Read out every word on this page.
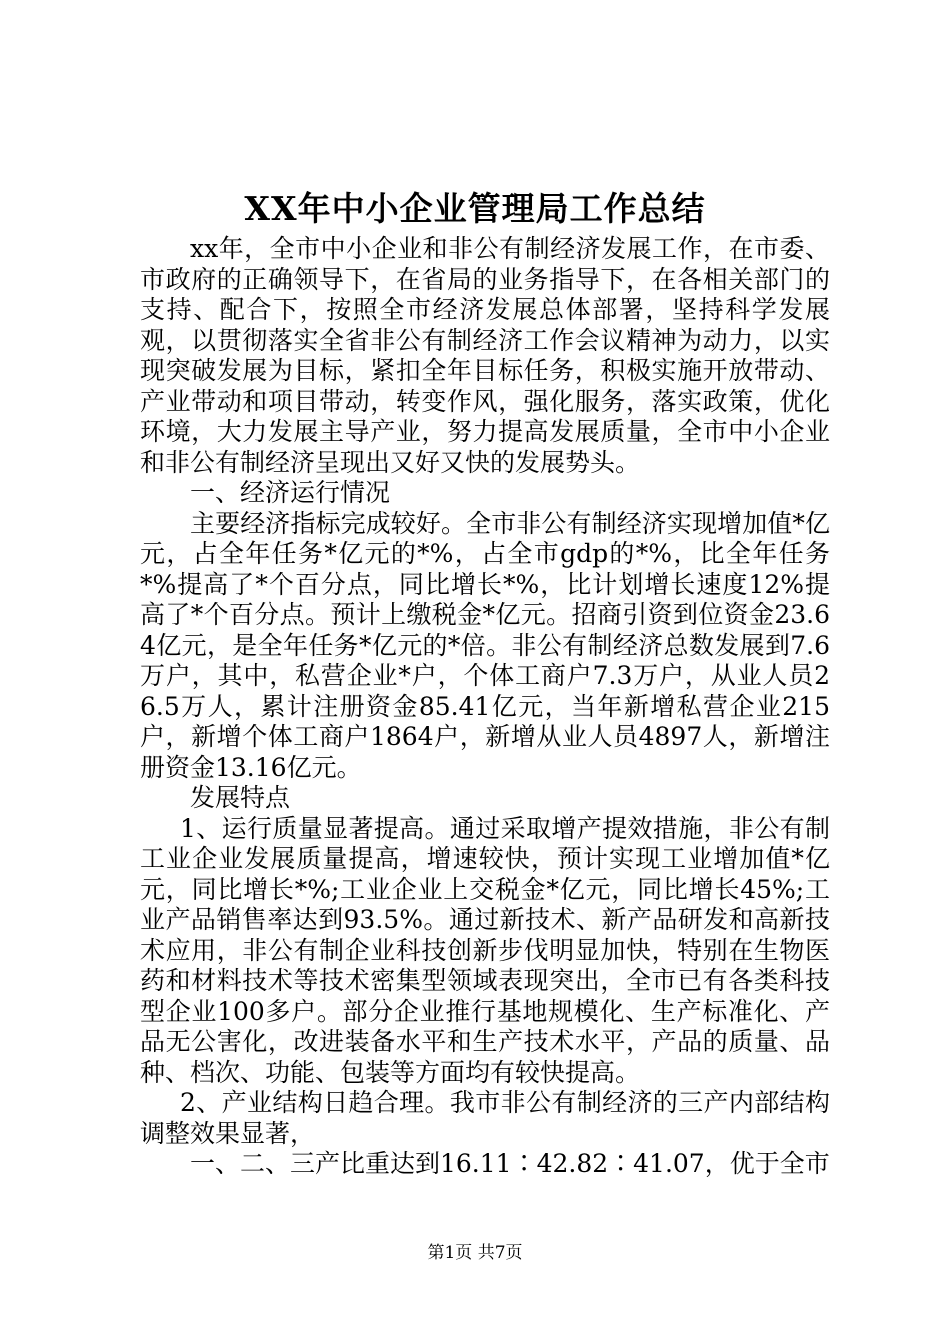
XX年中小企业管理局工作总结

xx年，全市中小企业和非公有制经济发展工作，在市委、市政府的正确领导下，在省局的业务指导下，在各相关部门的支持、配合下，按照全市经济发展总体部署，坚持科学发展观，以贯彻落实全省非公有制经济工作会议精神为动力，以实现突破发展为目标，紧扣全年目标任务，积极实施开放带动、产业带动和项目带动，转变作风，强化服务，落实政策，优化环境，大力发展主导产业，努力提高发展质量，全市中小企业和非公有制经济呈现出又好又快的发展势头。

一、经济运行情况

主要经济指标完成较好。全市非公有制经济实现增加值*亿元，占全年任务*亿元的*%，占全市gdp的*%，比全年任务*%提高了*个百分点，同比增长*%，比计划增长速度12%提高了*个百分点。预计上缴税金*亿元。招商引资到位资金23.64亿元，是全年任务*亿元的*倍。非公有制经济总数发展到7.6万户，其中，私营企业*户，个体工商户7.3万户，从业人员26.5万人，累计注册资金85.41亿元，当年新增私营企业215户，新增个体工商户1864户，新增从业人员4897人，新增注册资金13.16亿元。

发展特点

1、运行质量显著提高。通过采取增产提效措施，非公有制工业企业发展质量提高，增速较快，预计实现工业增加值*亿元，同比增长*%;工业企业上交税金*亿元，同比增长45%;工业产品销售率达到93.5%。通过新技术、新产品研发和高新技术应用，非公有制企业科技创新步伐明显加快，特别在生物医药和材料技术等技术密集型领域表现突出，全市已有各类科技型企业100多户。部分企业推行基地规模化、生产标准化、产品无公害化，改进装备水平和生产技术水平，产品的质量、品种、档次、功能、包装等方面均有较快提高。

2、产业结构日趋合理。我市非公有制经济的三产内部结构调整效果显著，

一、二、三产比重达到16.11∶42.82∶41.07，优于全市

第1页 共7页
